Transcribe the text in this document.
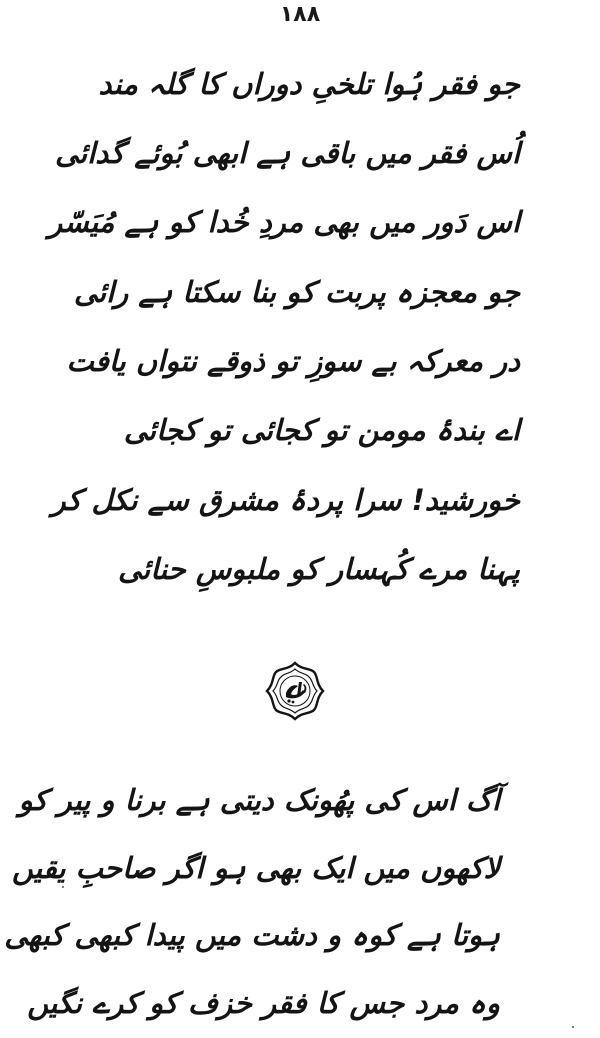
۱۸۸
جو فقر ہُوا تلخیِ دوراں کا گلہ مند
اُس فقر میں باقی ہے ابھی بُوئے گدائی
اس دَور میں بھی مردِ خُدا کو ہے مُیَسّر
جو معجزہ پربت کو بنا سکتا ہے رائی
در معرکہ بے سوزِ تو ذوقے نتواں یافت
اے بندۂ مومن تو کجائی تو کجائی
خورشید! سرا پردۂ مشرق سے نکل کر
پہنا مرے کُہسار کو ملبوسِ حنائی
آگ اس کی پھُونک دیتی ہے برنا و پیر کو
لاکھوں میں ایک بھی ہو اگر صاحبِ یقیں
ہوتا ہے کوہ و دشت میں پیدا کبھی کبھی
وہ مرد جس کا فقر خزف کو کرے نگیں
